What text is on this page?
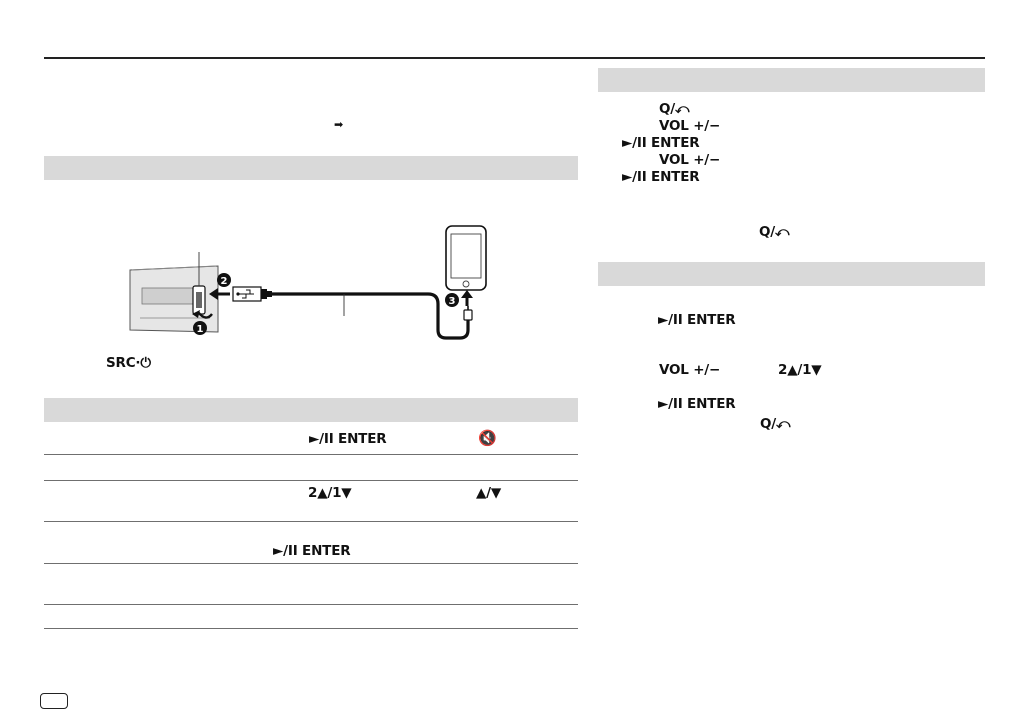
➡
1
2
3
SRC·⏻
►/II ENTER	🔇
2▲/1▼	▲/▼
►/II ENTER
Q/⤺
VOL +/−
►/II ENTER
VOL +/−
►/II ENTER
Q/⤺
►/II ENTER
VOL +/−	2▲/1▼
►/II ENTER
Q/⤺
